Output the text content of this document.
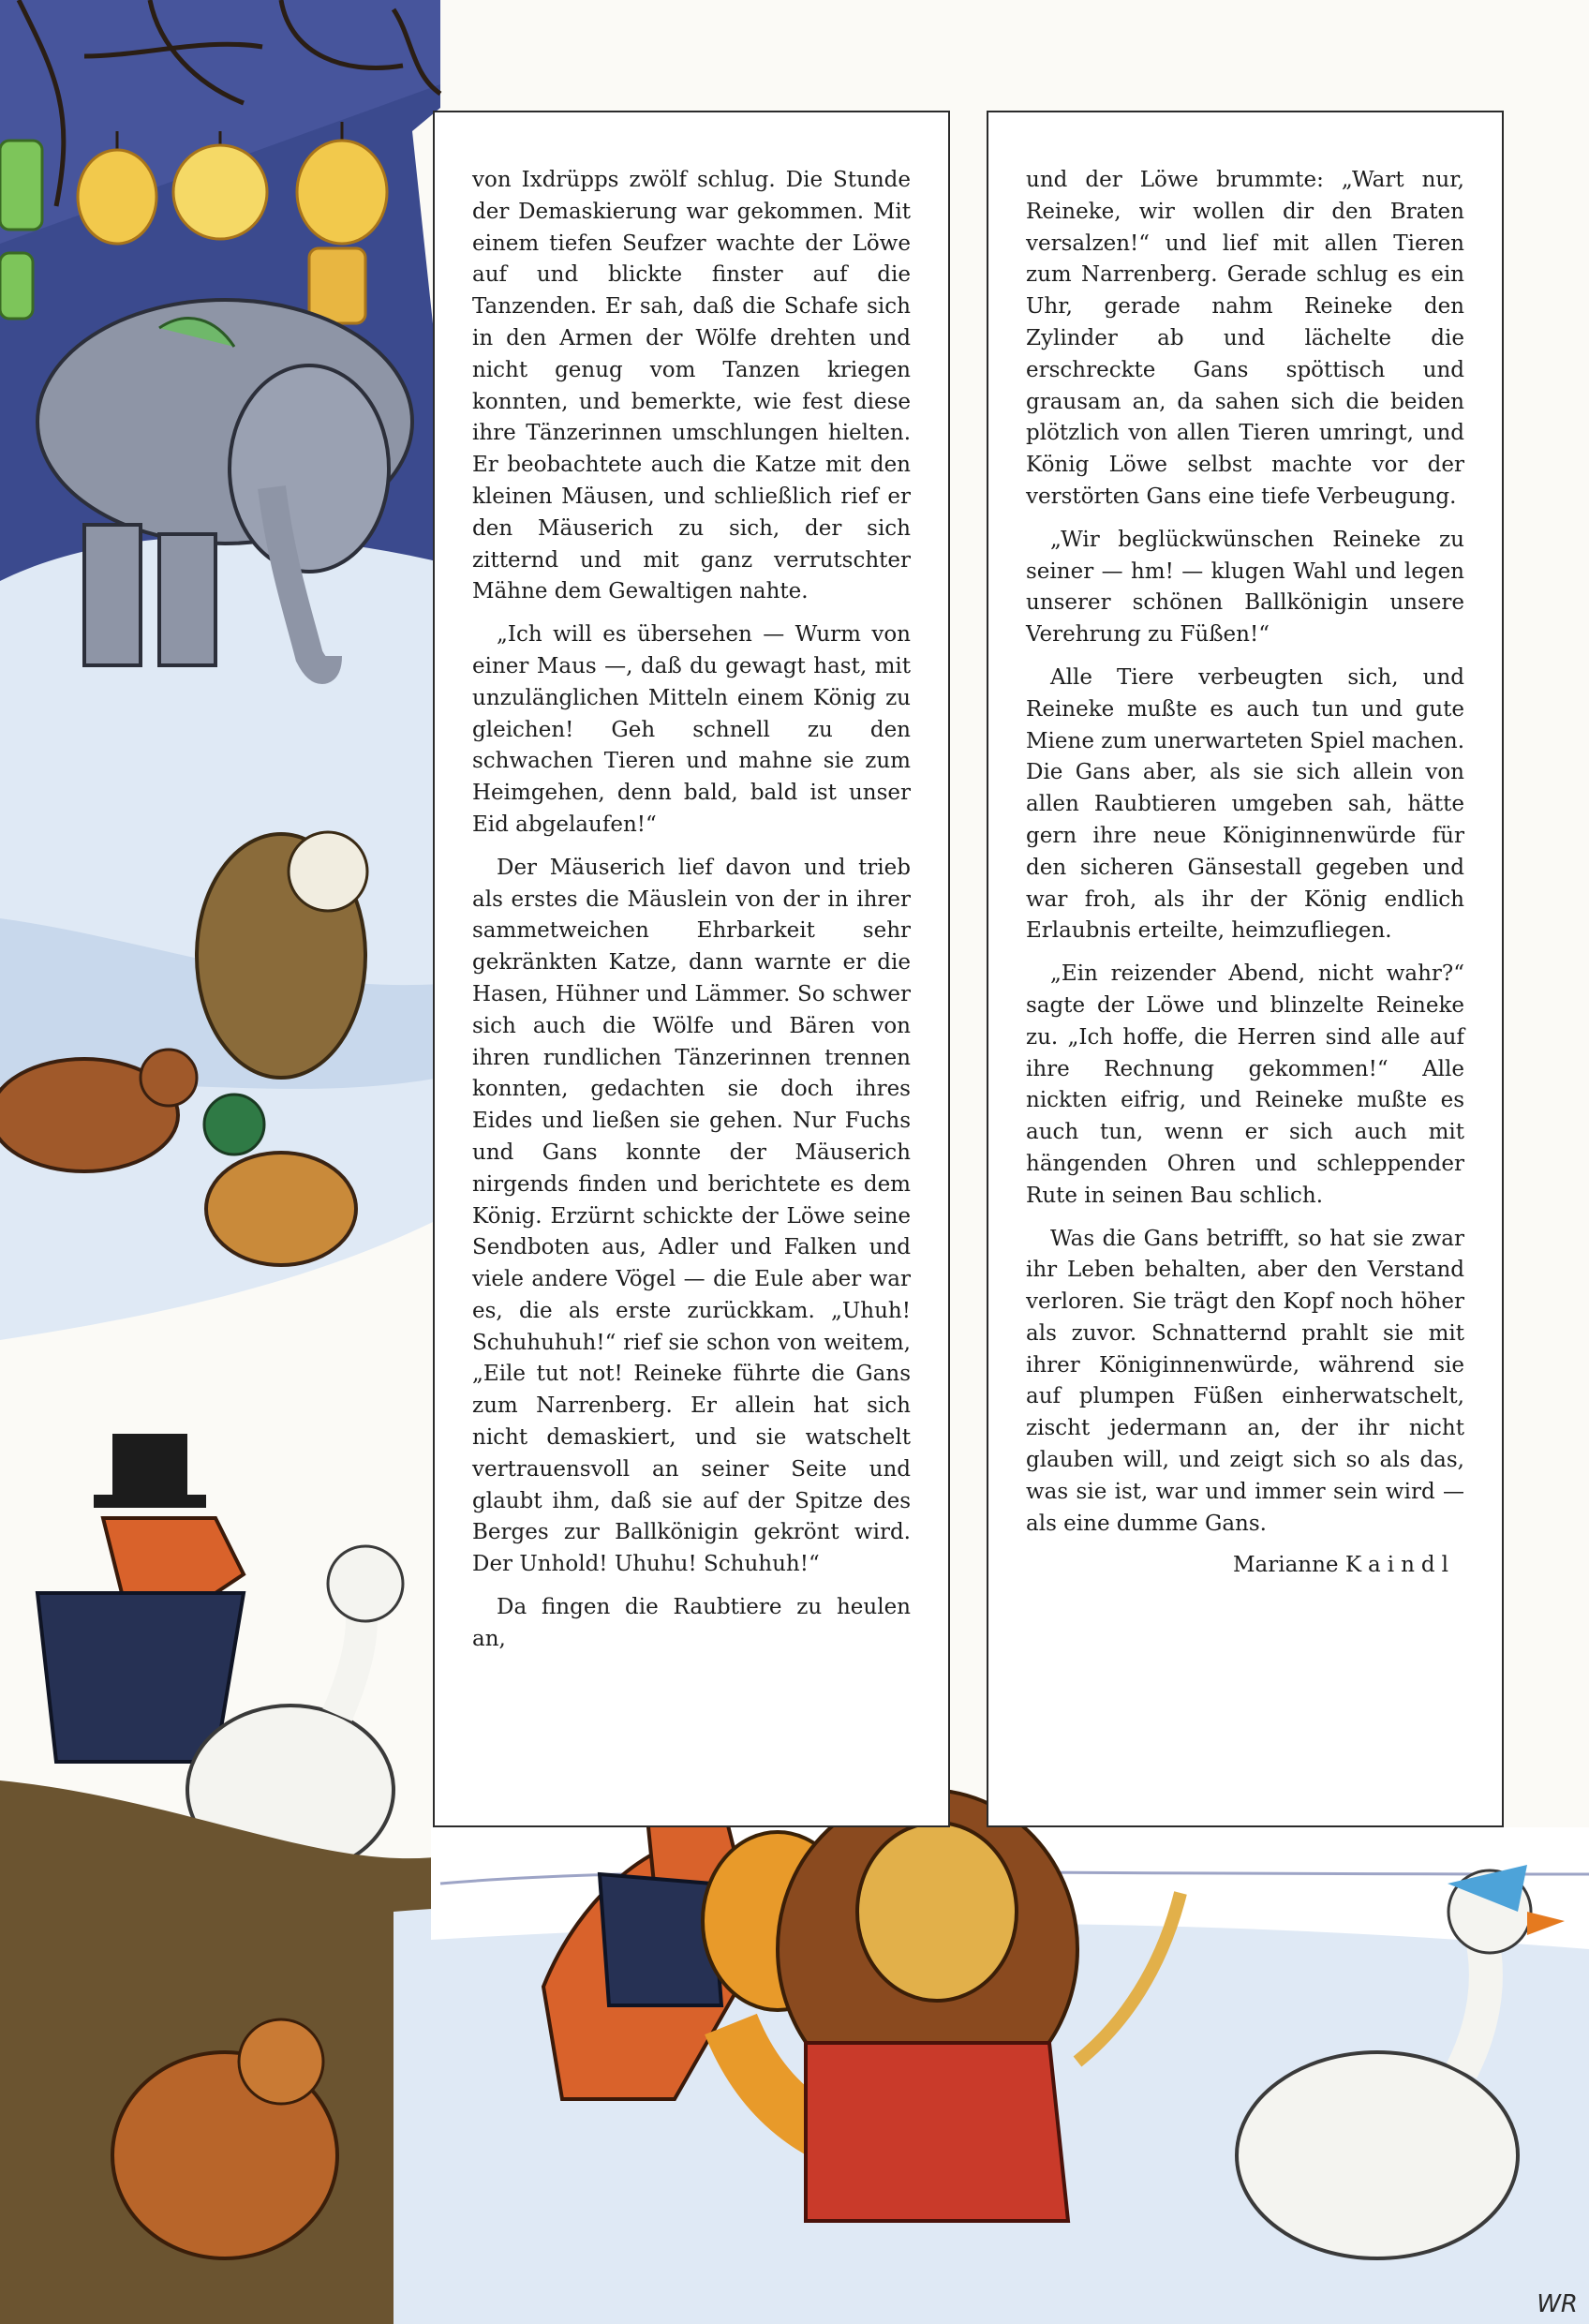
von Ixdrüpps zwölf schlug. Die Stunde der Demaskierung war gekommen. Mit einem tiefen Seufzer wachte der Löwe auf und blickte finster auf die Tanzenden. Er sah, daß die Schafe sich in den Armen der Wölfe drehten und nicht genug vom Tanzen kriegen konnten, und bemerkte, wie fest diese ihre Tänzerinnen umschlungen hielten. Er beobachtete auch die Katze mit den kleinen Mäusen, und schließlich rief er den Mäuserich zu sich, der sich zitternd und mit ganz verrutschter Mähne dem Gewaltigen nahte.

„Ich will es übersehen — Wurm von einer Maus —, daß du gewagt hast, mit unzulänglichen Mitteln einem König zu gleichen! Geh schnell zu den schwachen Tieren und mahne sie zum Heimgehen, denn bald, bald ist unser Eid abgelaufen!“

Der Mäuserich lief davon und trieb als erstes die Mäuslein von der in ihrer sammetweichen Ehrbarkeit sehr gekränkten Katze, dann warnte er die Hasen, Hühner und Lämmer. So schwer sich auch die Wölfe und Bären von ihren rundlichen Tänzerinnen trennen konnten, gedachten sie doch ihres Eides und ließen sie gehen. Nur Fuchs und Gans konnte der Mäuserich nirgends finden und berichtete es dem König. Erzürnt schickte der Löwe seine Sendboten aus, Adler und Falken und viele andere Vögel — die Eule aber war es, die als erste zurückkam. „Uhuh! Schuhuhuh!“ rief sie schon von weitem, „Eile tut not! Reineke führte die Gans zum Narrenberg. Er allein hat sich nicht demaskiert, und sie watschelt vertrauensvoll an seiner Seite und glaubt ihm, daß sie auf der Spitze des Berges zur Ballkönigin gekrönt wird. Der Unhold! Uhuhu! Schuhuh!“

Da fingen die Raubtiere zu heulen an,

und der Löwe brummte: „Wart nur, Reineke, wir wollen dir den Braten versalzen!“ und lief mit allen Tieren zum Narrenberg. Gerade schlug es ein Uhr, gerade nahm Reineke den Zylinder ab und lächelte die erschreckte Gans spöttisch und grausam an, da sahen sich die beiden plötzlich von allen Tieren umringt, und König Löwe selbst machte vor der verstörten Gans eine tiefe Verbeugung.

„Wir beglückwünschen Reineke zu seiner — hm! — klugen Wahl und legen unserer schönen Ballkönigin unsere Verehrung zu Füßen!“

Alle Tiere verbeugten sich, und Reineke mußte es auch tun und gute Miene zum unerwarteten Spiel machen. Die Gans aber, als sie sich allein von allen Raubtieren umgeben sah, hätte gern ihre neue Königinnenwürde für den sicheren Gänsestall gegeben und war froh, als ihr der König endlich Erlaubnis erteilte, heimzufliegen.

„Ein reizender Abend, nicht wahr?“ sagte der Löwe und blinzelte Reineke zu. „Ich hoffe, die Herren sind alle auf ihre Rechnung gekommen!“ Alle nickten eifrig, und Reineke mußte es auch tun, wenn er sich auch mit hängenden Ohren und schleppender Rute in seinen Bau schlich.

Was die Gans betrifft, so hat sie zwar ihr Leben behalten, aber den Verstand verloren. Sie trägt den Kopf noch höher als zuvor. Schnatternd prahlt sie mit ihrer Königinnenwürde, während sie auf plumpen Füßen einherwatschelt, zischt jedermann an, der ihr nicht glauben will, und zeigt sich so als das, was sie ist, war und immer sein wird — als eine dumme Gans.

Marianne Kaindl
WR
